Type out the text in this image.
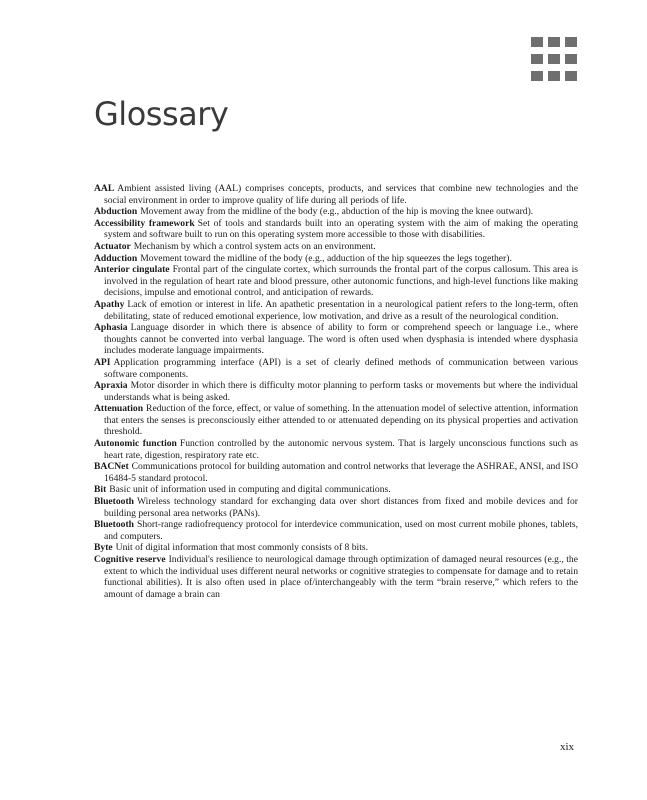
Glossary

AAL Ambient assisted living (AAL) comprises concepts, products, and services that combine new technologies and the social environment in order to improve quality of life during all periods of life.

Abduction Movement away from the midline of the body (e.g., abduction of the hip is moving the knee outward).

Accessibility framework Set of tools and standards built into an operating system with the aim of making the operating system and software built to run on this operating system more accessible to those with disabilities.

Actuator Mechanism by which a control system acts on an environment.

Adduction Movement toward the midline of the body (e.g., adduction of the hip squeezes the legs together).

Anterior cingulate Frontal part of the cingulate cortex, which surrounds the frontal part of the corpus callosum. This area is involved in the regulation of heart rate and blood pressure, other autonomic functions, and high-level functions like making decisions, impulse and emotional control, and anticipation of rewards.

Apathy Lack of emotion or interest in life. An apathetic presentation in a neurological patient refers to the long-term, often debilitating, state of reduced emotional experience, low motivation, and drive as a result of the neurological condition.

Aphasia Language disorder in which there is absence of ability to form or comprehend speech or language i.e., where thoughts cannot be converted into verbal language. The word is often used when dysphasia is intended where dysphasia includes moderate language impairments.

API Application programming interface (API) is a set of clearly defined methods of communication between various software components.

Apraxia Motor disorder in which there is difficulty motor planning to perform tasks or movements but where the individual understands what is being asked.

Attenuation Reduction of the force, effect, or value of something. In the attenuation model of selective attention, information that enters the senses is preconsciously either attended to or attenuated depending on its physical properties and activation threshold.

Autonomic function Function controlled by the autonomic nervous system. That is largely unconscious functions such as heart rate, digestion, respiratory rate etc.

BACNet Communications protocol for building automation and control networks that leverage the ASHRAE, ANSI, and ISO 16484-5 standard protocol.

Bit Basic unit of information used in computing and digital communications.

Bluetooth Wireless technology standard for exchanging data over short distances from fixed and mobile devices and for building personal area networks (PANs).

Bluetooth Short-range radiofrequency protocol for interdevice communication, used on most current mobile phones, tablets, and computers.

Byte Unit of digital information that most commonly consists of 8 bits.

Cognitive reserve Individual's resilience to neurological damage through optimization of damaged neural resources (e.g., the extent to which the individual uses different neural networks or cognitive strategies to compensate for damage and to retain functional abilities). It is also often used in place of/interchangeably with the term “brain reserve,” which refers to the amount of damage a brain can

xix
